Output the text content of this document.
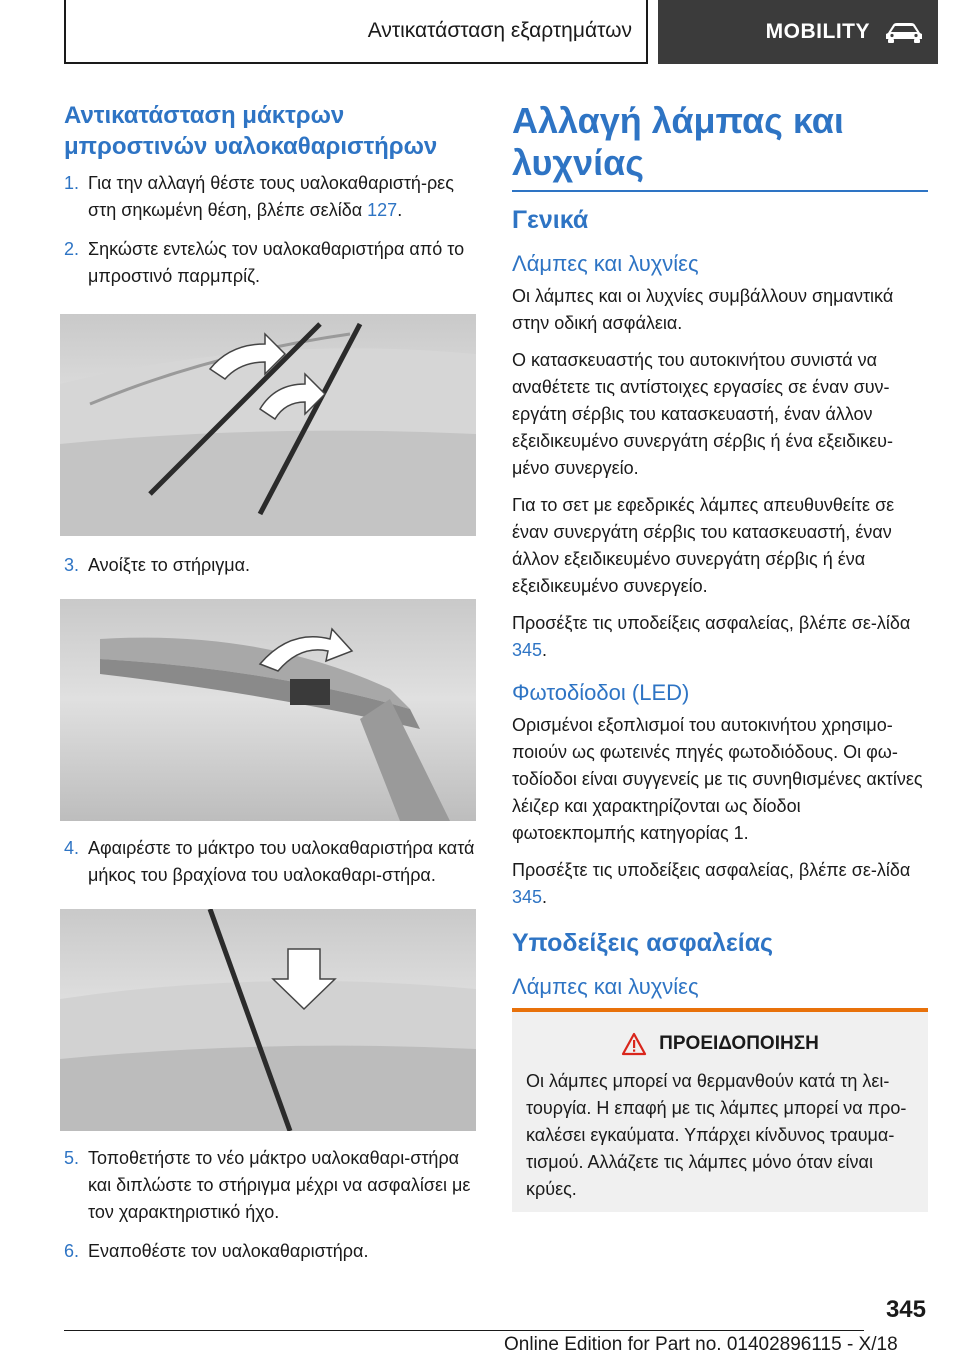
Αντικατάσταση εξαρτημάτων	MOBILITY
Αντικατάσταση μάκτρων μπροστινών υαλοκαθαριστήρων
1. Για την αλλαγή θέστε τους υαλοκαθαριστή-ρες στη σηκωμένη θέση, βλέπε σελίδα 127.
2. Σηκώστε εντελώς τον υαλοκαθαριστήρα από το μπροστινό παρμπρίζ.
3. Ανοίξτε το στήριγμα.
4. Αφαιρέστε το μάκτρο του υαλοκαθαριστήρα κατά μήκος του βραχίονα του υαλοκαθαρι-στήρα.
5. Τοποθετήστε το νέο μάκτρο υαλοκαθαρι-στήρα και διπλώστε το στήριγμα μέχρι να ασφαλίσει με τον χαρακτηριστικό ήχο.
6. Εναποθέστε τον υαλοκαθαριστήρα.
Αλλαγή λάμπας και λυχνίας
Γενικά
Λάμπες και λυχνίες

Οι λάμπες και οι λυχνίες συμβάλλουν σημαντικά στην οδική ασφάλεια.

Ο κατασκευαστής του αυτοκινήτου συνιστά να αναθέτετε τις αντίστοιχες εργασίες σε έναν συν-εργάτη σέρβις του κατασκευαστή, έναν άλλον εξειδικευμένο συνεργάτη σέρβις ή ένα εξειδικευ-μένο συνεργείο.

Για το σετ με εφεδρικές λάμπες απευθυνθείτε σε έναν συνεργάτη σέρβις του κατασκευαστή, έναν άλλον εξειδικευμένο συνεργάτη σέρβις ή ένα εξειδικευμένο συνεργείο.

Προσέξτε τις υποδείξεις ασφαλείας, βλέπε σε-λίδα 345.

Φωτοδίοδοι (LED)

Ορισμένοι εξοπλισμοί του αυτοκινήτου χρησιμο-ποιούν ως φωτεινές πηγές φωτοδιόδους. Οι φω-τοδίοδοι είναι συγγενείς με τις συνηθισμένες ακτίνες λέιζερ και χαρακτηρίζονται ως δίοδοι φωτοεκπομπής κατηγορίας 1.

Προσέξτε τις υποδείξεις ασφαλείας, βλέπε σε-λίδα 345.

Υποδείξεις ασφαλείας
Λάμπες και λυχνίες
ΠΡΟΕΙΔΟΠΟΙΗΣΗ
Οι λάμπες μπορεί να θερμανθούν κατά τη λει-τουργία. Η επαφή με τις λάμπες μπορεί να προ-καλέσει εγκαύματα. Υπάρχει κίνδυνος τραυμα-τισμού. Αλλάζετε τις λάμπες μόνο όταν είναι κρύες.
345
Online Edition for Part no. 01402896115 - X/18
